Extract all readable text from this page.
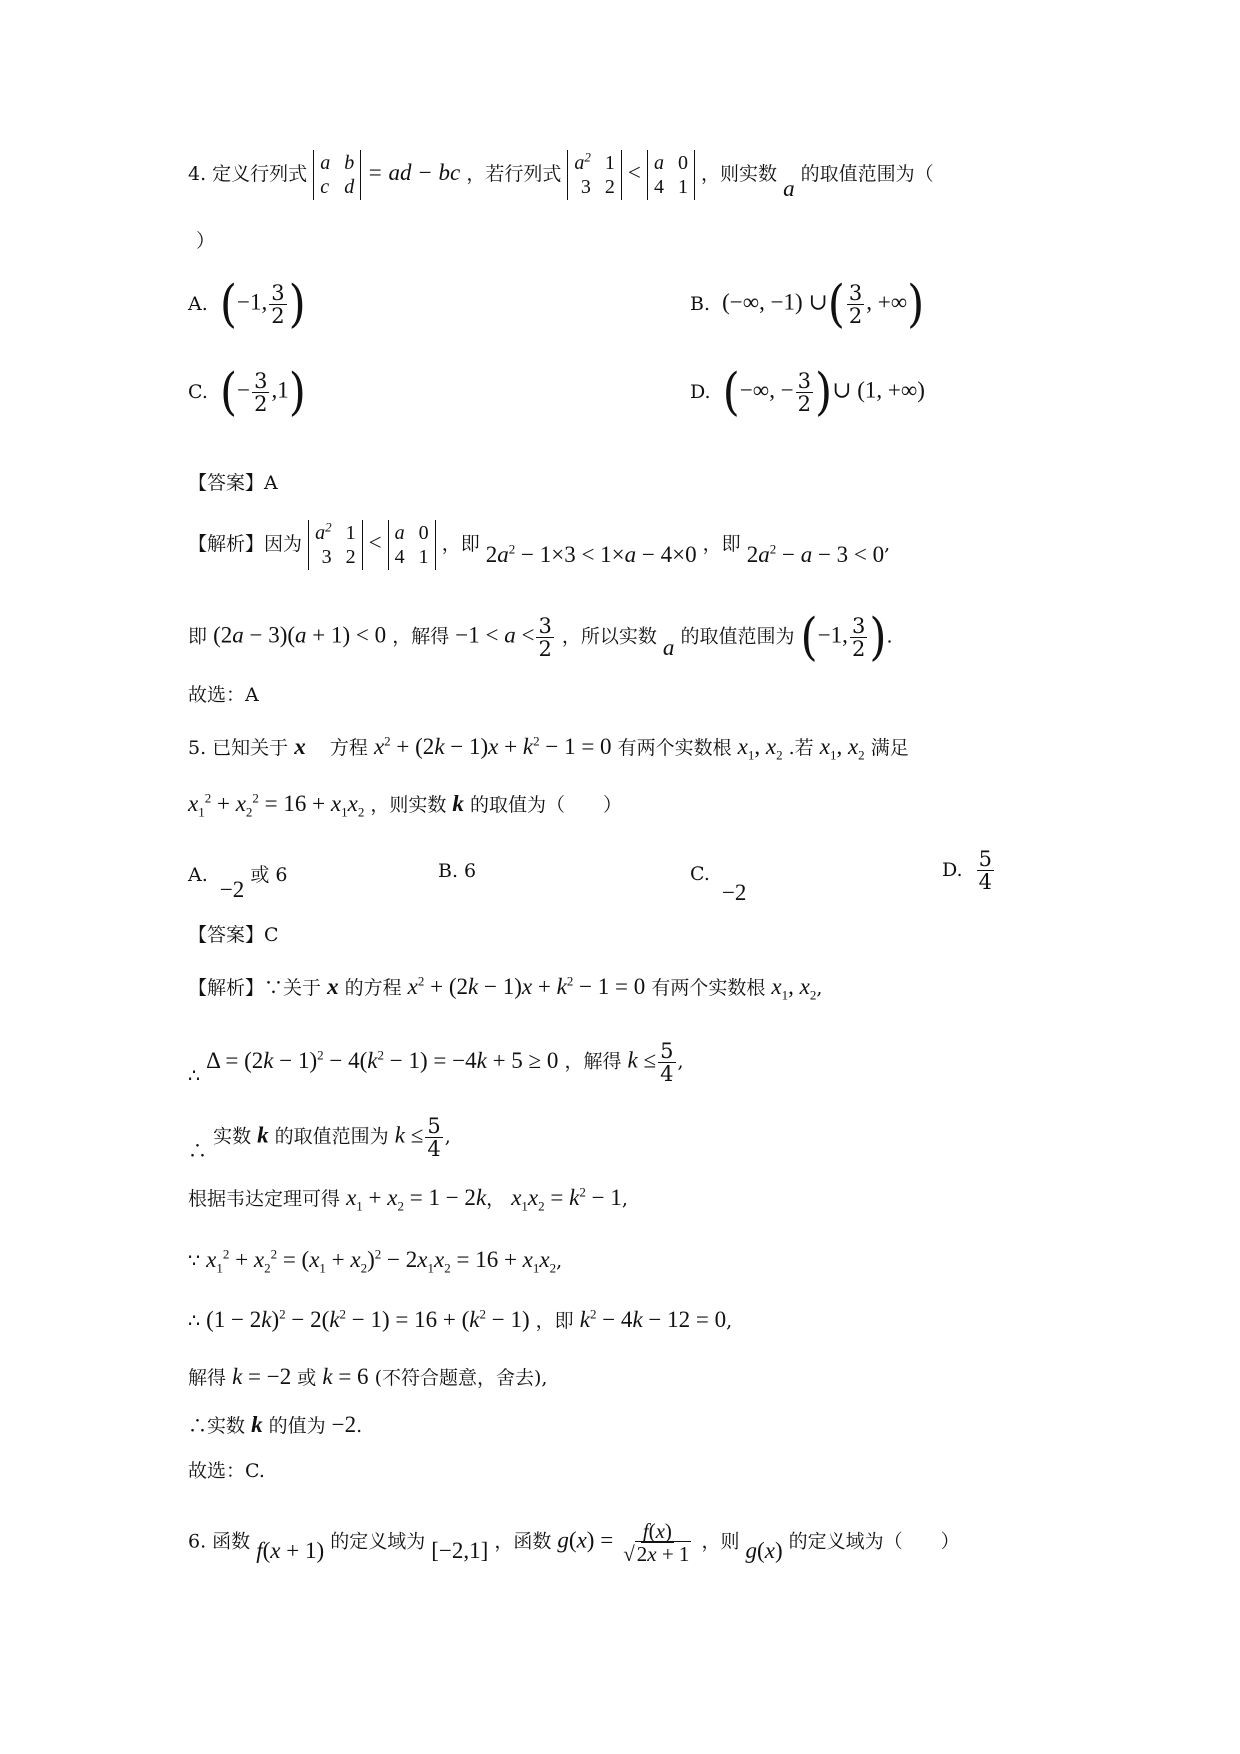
4. 定义行列式 a b
c d
= ad − bc ，若行列式 $a^2$ 1
3 2
< a 0
4 1
，则实数 a 的取值范围为（
）
A. (−1, $\frac{3}{2}$ )	B. (−∞, −1) ∪( $\frac{3}{2}$ , +∞)
C. (− $\frac{3}{2} ,1$)	D. (−∞, − $\frac{3}{2}$ )∪ (1, +∞)
【答案】A
【解析】因为 $a^2$ 1
3 2
< a 0
4 1
，即 $2a^2 - 1\times 3 < 1\times a - 4\times 0$ ，即 $2a^2 - a - 3 < 0$,
即 (2a − 3)(a + 1) < 0 ，解得 $-1 < a < \frac{3}{2}$ ，所以实数 a 的取值范围为 (−1, $\frac{3}{2}$ ).
故选：A
5. 已知关于 x 方程 $x^2 + (2k - 1)x + k^2 - 1 = 0$ 有两个实数根 $x_1$, $x_2$ .若 $x_1$, $x_2$ 满足
$x_1^2 + x_2^2 = 16 + x_1x_2$ ，则实数 k 的取值为（　　）
A. −2 或 6	B. 6	C. −2
D. $\frac{5}{4}$
【答案】C
【解析】∵关于 x 的方程 $x^2 + (2k - 1)x + k^2 - 1 = 0$ 有两个实数根 $x_1$, $x_2$,
∴ $\Delta = (2k - 1)^2 - 4(k^2 - 1) = -4k + 5 \ge 0$ ，解得 $k \le \frac{5}{4}$ ,
∴ 实数 k 的取值范围为 $k \le \frac{5}{4}$ ,
根据韦达定理可得 $x_1 + x_2 = 1 - 2k$， $x_1x_2 = k^2 - 1$,
∵ $x_1^2 + x_2^2 = (x_1 + x_2)^2 - 2x_1x_2 = 16 + x_1x_2$,
∴ $(1 - 2k)^2 - 2(k^2 - 1) = 16 + (k^2 - 1)$ ，即 $k^2 - 4k - 12 = 0$,
解得 k = −2 或 k = 6 (不符合题意，舍去),
∴实数 k 的值为 −2.
故选：C.
6. 函数 f(x + 1) 的定义域为 [−2,1] ，函数 $g(x) = \frac{f(x)}{√2x + 1}$ ，则 g(x) 的定义域为（　　）
